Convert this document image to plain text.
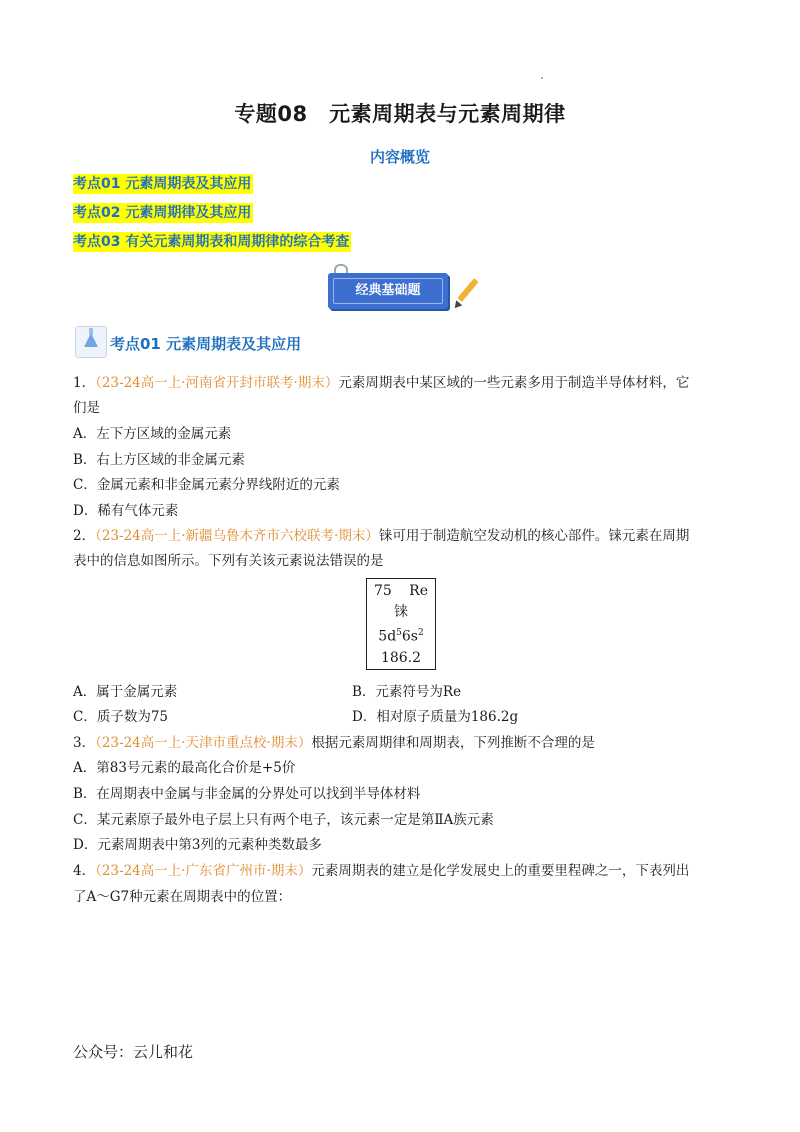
专题08　元素周期表与元素周期律
内容概览
考点01 元素周期表及其应用
考点02 元素周期律及其应用
考点03 有关元素周期表和周期律的综合考查
经典基础题
考点01 元素周期表及其应用
1．（23-24高一上·河南省开封市联考·期末）元素周期表中某区域的一些元素多用于制造半导体材料，它
们是
A．左下方区域的金属元素
B．右上方区域的非金属元素
C．金属元素和非金属元素分界线附近的元素
D．稀有气体元素
2．（23-24高一上·新疆乌鲁木齐市六校联考·期末）铼可用于制造航空发动机的核心部件。铼元素在周期
表中的信息如图所示。下列有关该元素说法错误的是
75 Re
铼
$5d^56s^2$
186.2
A．属于金属元素	B．元素符号为Re
C．质子数为75	D．相对原子质量为186.2g
3．（23-24高一上·天津市重点校·期末）根据元素周期律和周期表，下列推断不合理的是
A．第83号元素的最高化合价是+5价
B．在周期表中金属与非金属的分界处可以找到半导体材料
C．某元素原子最外电子层上只有两个电子，该元素一定是第ⅡA族元素
D．元素周期表中第3列的元素种类数最多
4．（23-24高一上·广东省广州市·期末）元素周期表的建立是化学发展史上的重要里程碑之一，下表列出
了A～G7种元素在周期表中的位置：
公众号：云儿和花
